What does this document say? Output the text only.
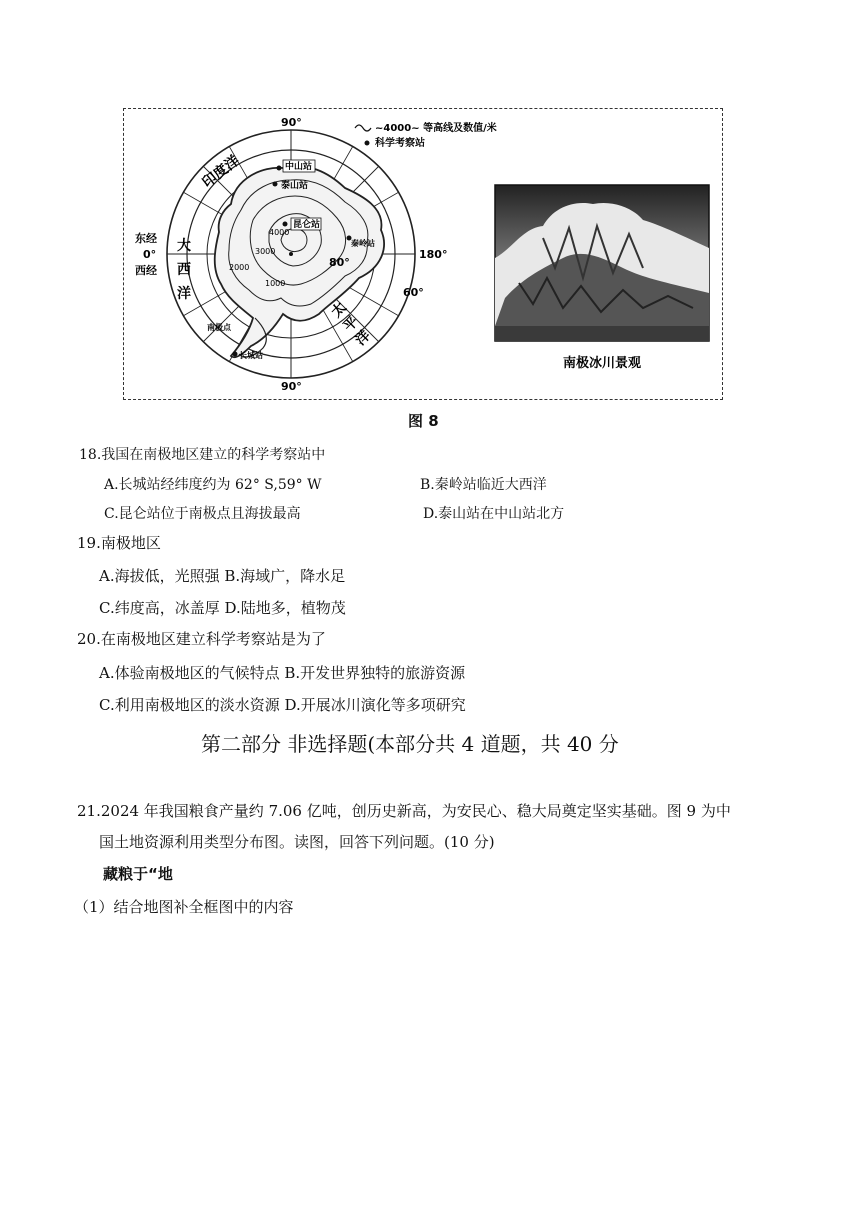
~4000~ 等高线及数值/米
科学考察站
4000
3000
2000
1000
中山站
泰山站
昆仑站
秦岭站
长城站
南极点
90°
90°
180°
60°
80°
东经
0°
西经
印度洋
大
西
洋
洋
平
太
南极冰川景观
图 8
18.我国在南极地区建立的科学考察站中
A.长城站经纬度约为 62° S,59° W	B.秦岭站临近大西洋
C.昆仑站位于南极点且海拔最高	D.泰山站在中山站北方
19.南极地区
A.海拔低，光照强 B.海域广，降水足
C.纬度高，冰盖厚 D.陆地多，植物茂
20.在南极地区建立科学考察站是为了
A.体验南极地区的气候特点 B.开发世界独特的旅游资源
C.利用南极地区的淡水资源 D.开展冰川演化等多项研究
第二部分 非选择题(本部分共 4 道题，共 40 分
21.2024 年我国粮食产量约 7.06 亿吨，创历史新高，为安民心、稳大局奠定坚实基础。图 9 为中
国土地资源利用类型分布图。读图，回答下列问题。(10 分)
藏粮于“地
（1）结合地图补全框图中的内容
